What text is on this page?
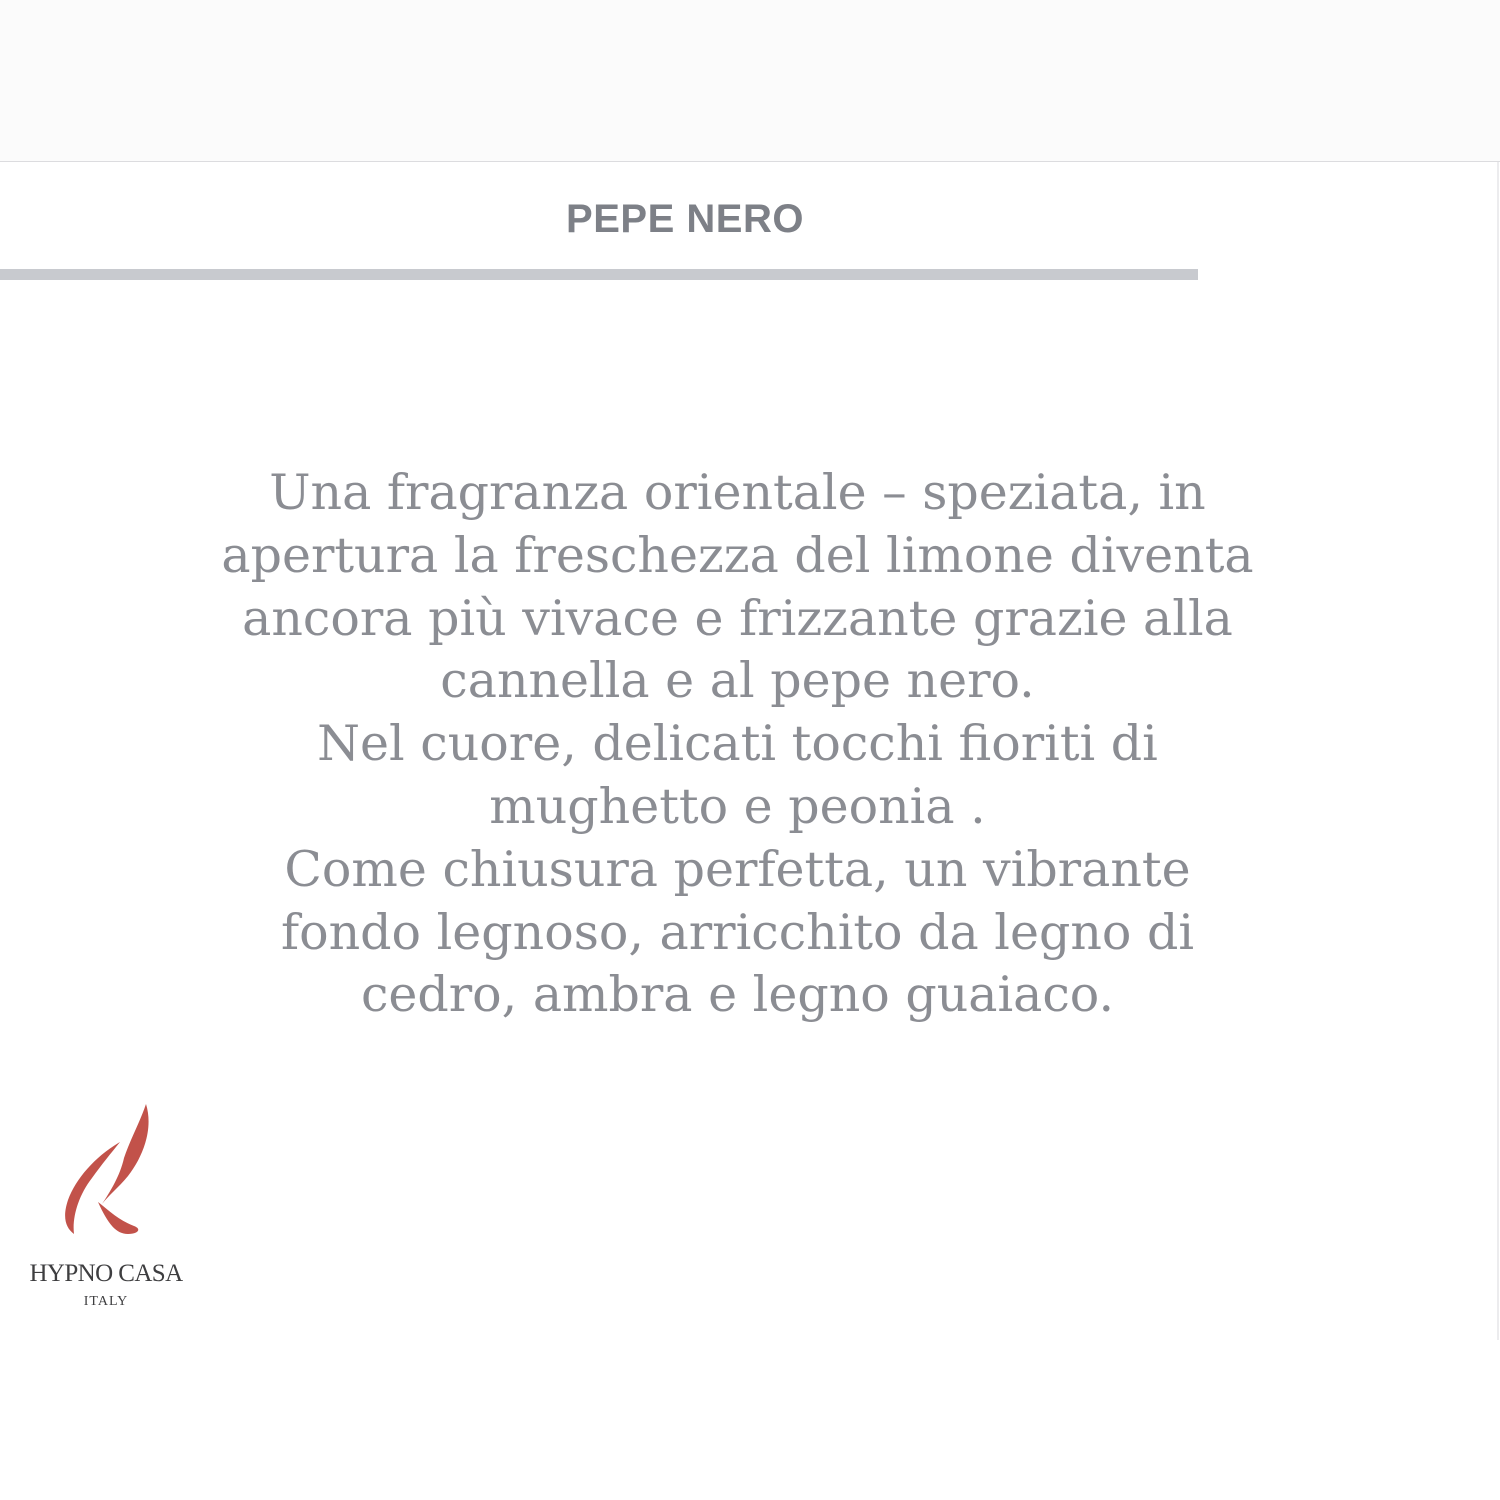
PEPE NERO

Una fragranza orientale – speziata, in
apertura la freschezza del limone diventa
ancora più vivace e frizzante grazie alla
cannella e al pepe nero.
Nel cuore, delicati tocchi fioriti di
mughetto e peonia .
Come chiusura perfetta, un vibrante
fondo legnoso, arricchito da legno di
cedro, ambra e legno guaiaco.

HYPNO CASA
ITALY
